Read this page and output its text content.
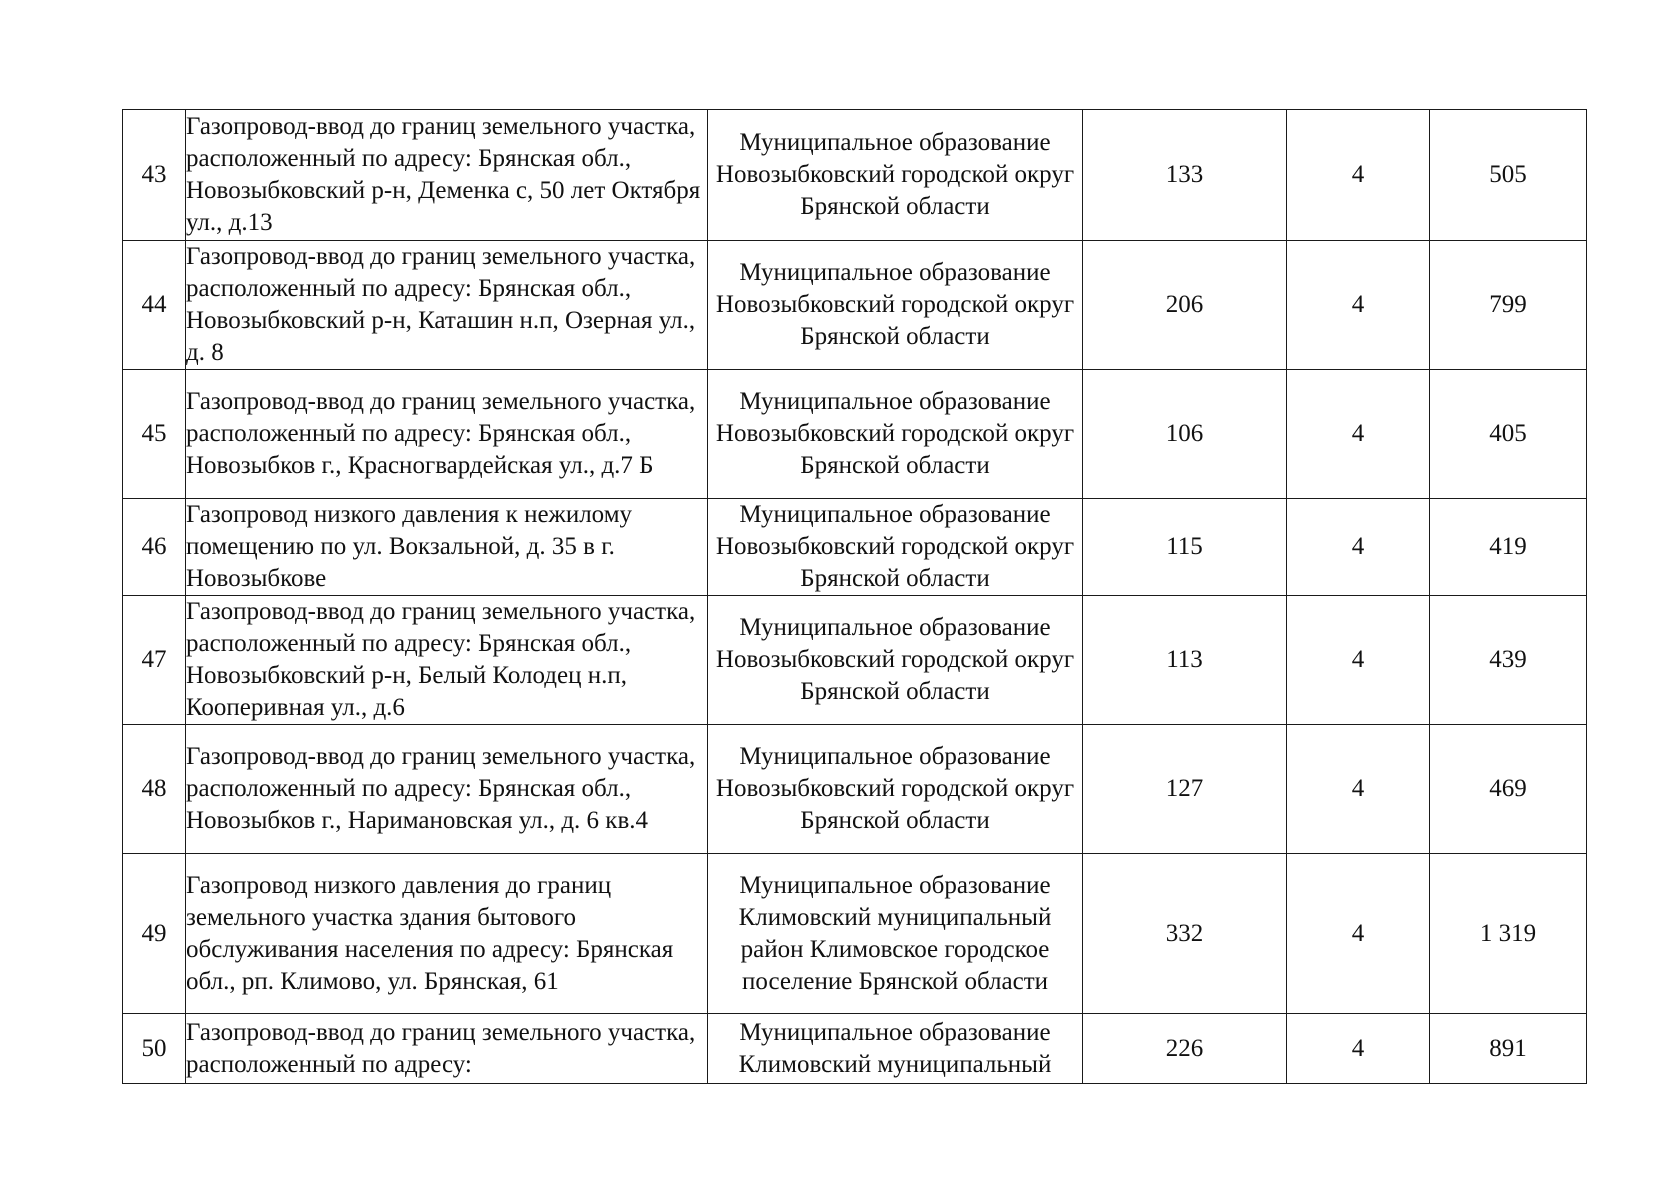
43	Газопровод-ввод до границ земельного участка, расположенный по адресу: Брянская обл., Новозыбковский р-н, Деменка с, 50 лет Октября ул., д.13	Муниципальное образование Новозыбковский городской округ Брянской области	133	4	505
44	Газопровод-ввод до границ земельного участка, расположенный по адресу: Брянская обл., Новозыбковский р-н, Каташин н.п, Озерная ул., д. 8	Муниципальное образование Новозыбковский городской округ Брянской области	206	4	799
45	Газопровод-ввод до границ земельного участка, расположенный по адресу: Брянская обл., Новозыбков г., Красногвардейская ул., д.7 Б	Муниципальное образование Новозыбковский городской округ Брянской области	106	4	405
46	Газопровод низкого давления к нежилому помещению по ул. Вокзальной, д. 35 в г. Новозыбкове	Муниципальное образование Новозыбковский городской округ Брянской области	115	4	419
47	Газопровод-ввод до границ земельного участка, расположенный по адресу: Брянская обл., Новозыбковский р-н, Белый Колодец н.п, Кооперивная ул., д.6	Муниципальное образование Новозыбковский городской округ Брянской области	113	4	439
48	Газопровод-ввод до границ земельного участка, расположенный по адресу: Брянская обл., Новозыбков г., Наримановская ул., д. 6 кв.4	Муниципальное образование Новозыбковский городской округ Брянской области	127	4	469
49	Газопровод низкого давления до границ земельного участка здания бытового обслуживания населения по адресу: Брянская обл., рп. Климово, ул. Брянская, 61	Муниципальное образование Климовский муниципальный район Климовское городское поселение Брянской области	332	4	1 319
50	Газопровод-ввод до границ земельного участка, расположенный по адресу:	Муниципальное образование Климовский муниципальный	226	4	891
